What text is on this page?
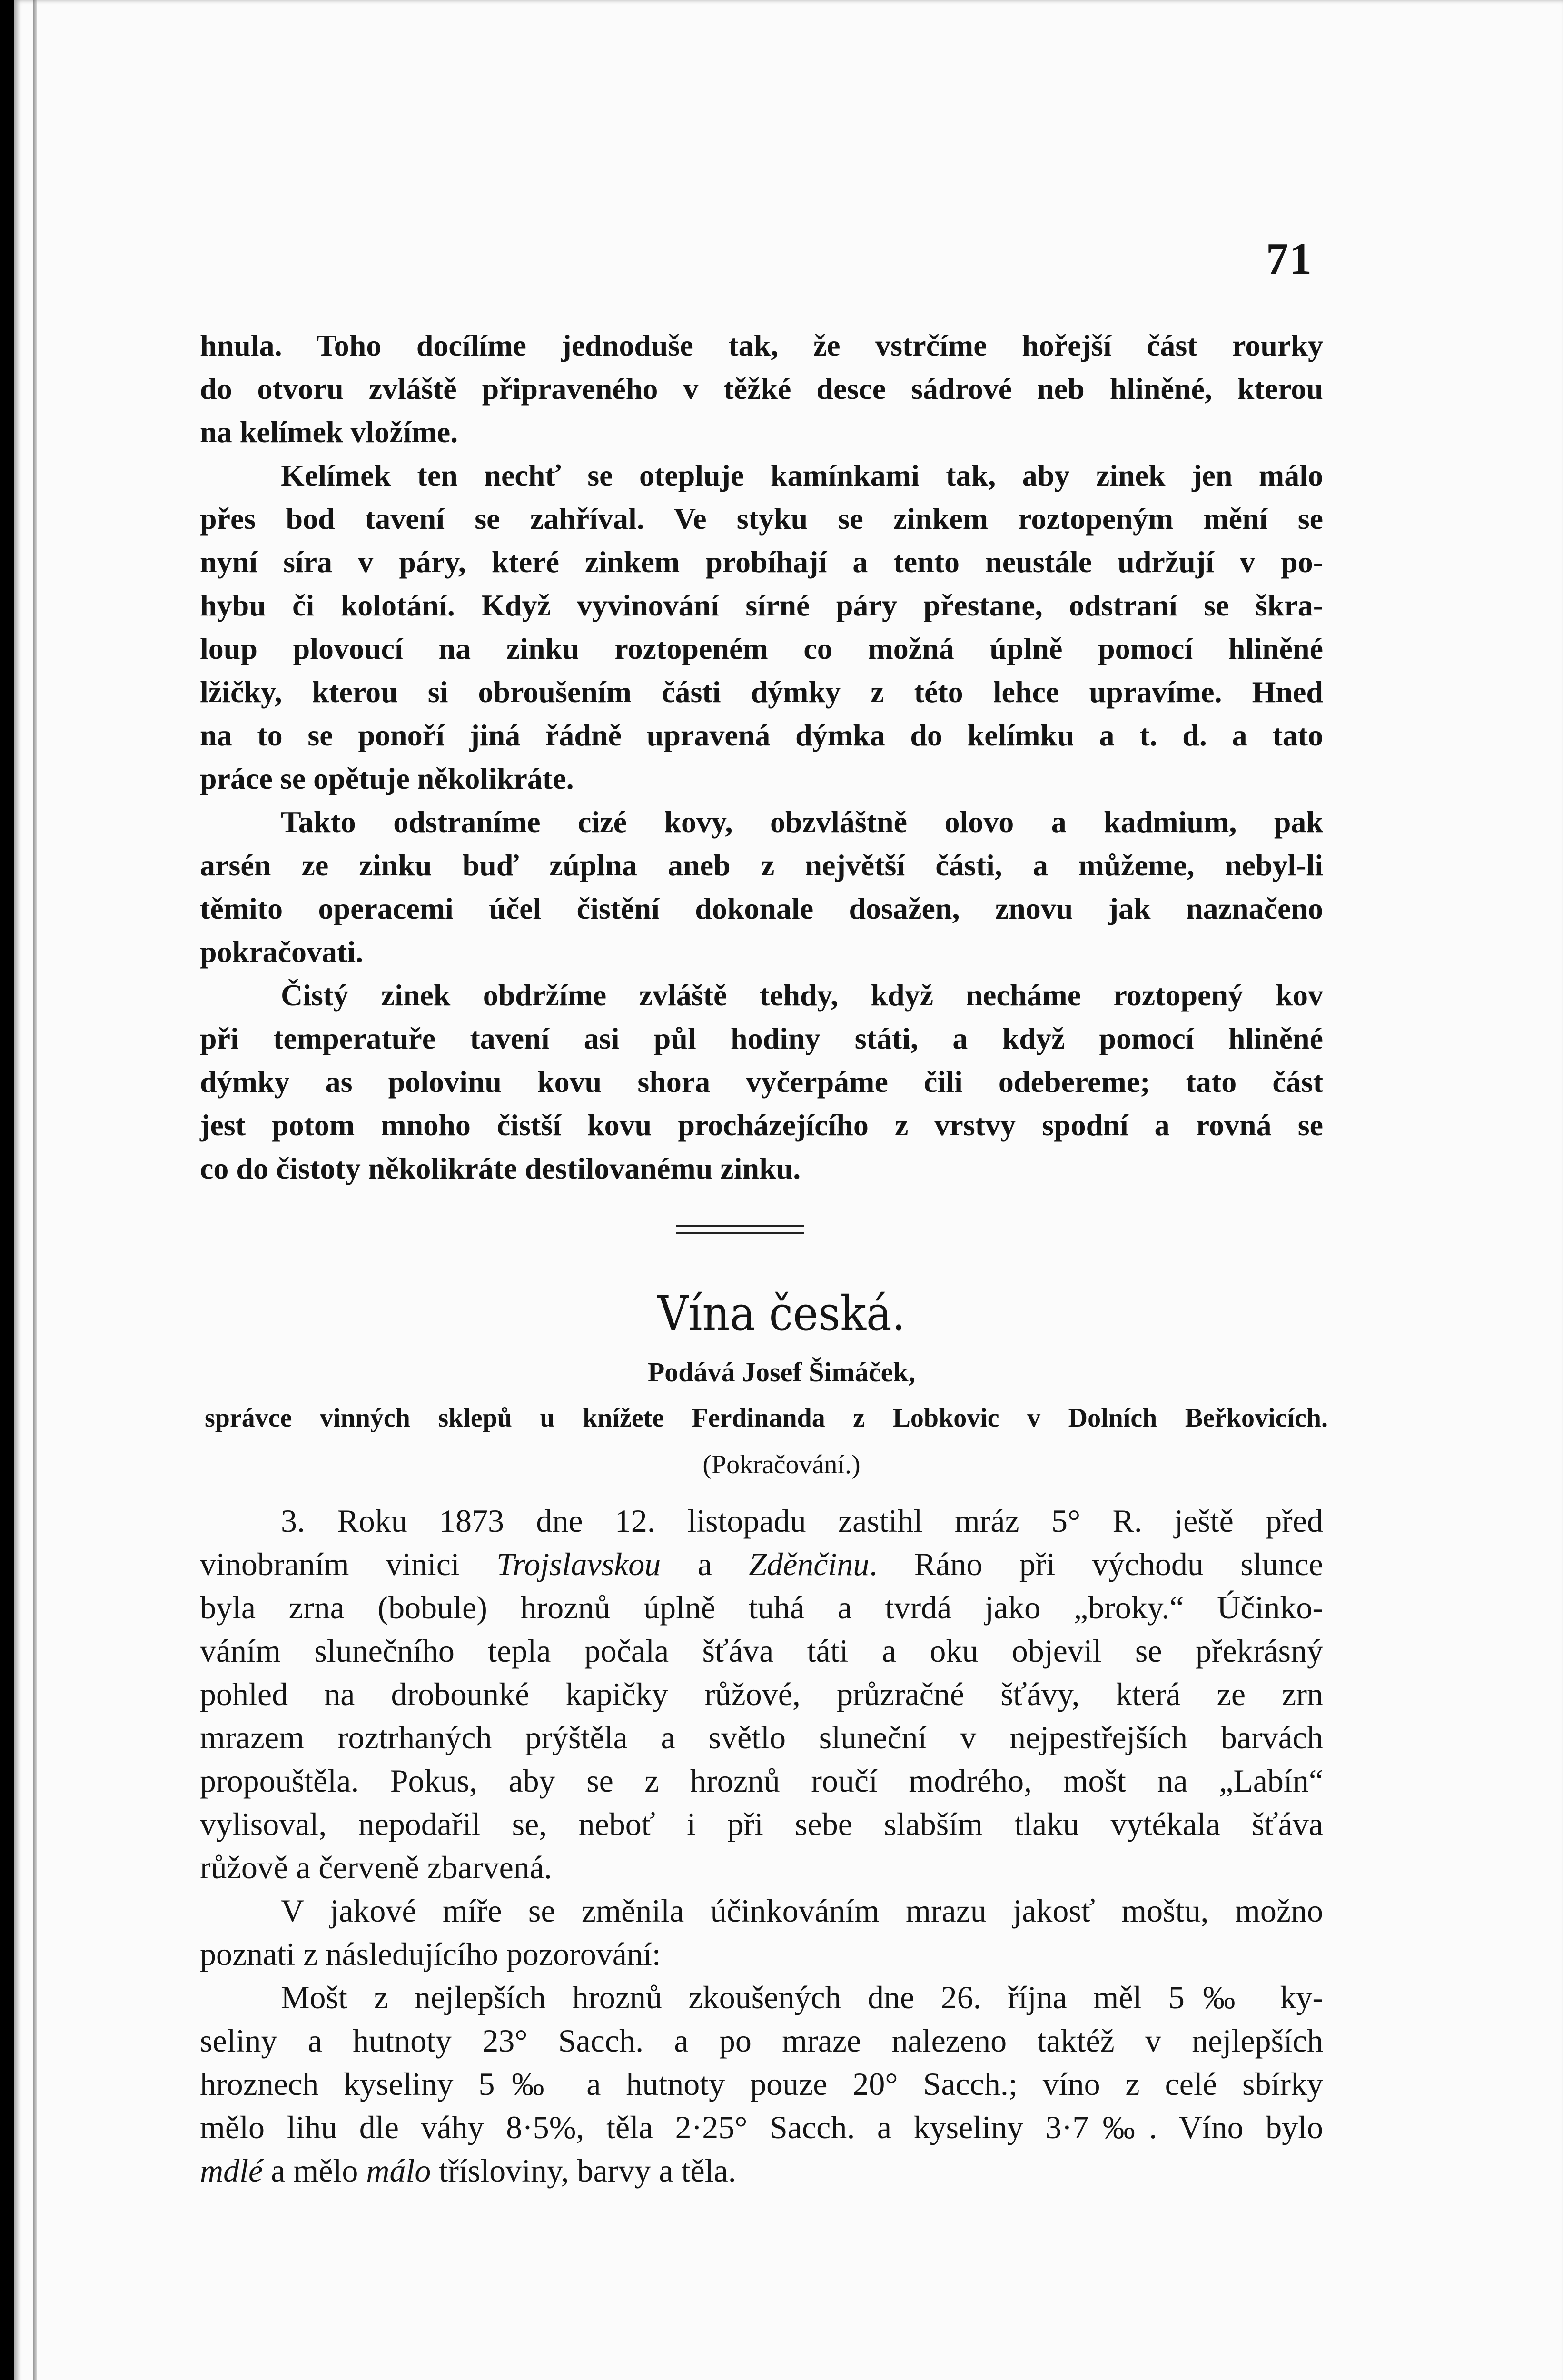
71
hnula. Toho docílíme jednoduše tak, že vstrčíme hořejší část rourky
do otvoru zvláště připraveného v těžké desce sádrové neb hliněné, kterou
na kelímek vložíme.
Kelímek ten nechť se otepluje kamínkami tak, aby zinek jen málo
přes bod tavení se zahříval. Ve styku se zinkem roztopeným mění se
nyní síra v páry, které zinkem probíhají a tento neustále udržují v po-
hybu či kolotání. Když vyvinování sírné páry přestane, odstraní se škra-
loup plovoucí na zinku roztopeném co možná úplně pomocí hliněné
lžičky, kterou si obroušením části dýmky z této lehce upravíme. Hned
na to se ponoří jiná řádně upravená dýmka do kelímku a t. d. a tato
práce se opětuje několikráte.
Takto odstraníme cizé kovy, obzvláštně olovo a kadmium, pak
arsén ze zinku buď zúplna aneb z největší části, a můžeme, nebyl-li
těmito operacemi účel čistění dokonale dosažen, znovu jak naznačeno
pokračovati.
Čistý zinek obdržíme zvláště tehdy, když necháme roztopený kov
při temperatuře tavení asi půl hodiny státi, a když pomocí hliněné
dýmky as polovinu kovu shora vyčerpáme čili odebereme; tato část
jest potom mnoho čistší kovu procházejícího z vrstvy spodní a rovná se
co do čistoty několikráte destilovanému zinku.
Vína česká.
Podává Josef Šimáček,
správce vinných sklepů u knížete Ferdinanda z Lobkovic v Dolních Beřkovicích.
(Pokračování.)
3. Roku 1873 dne 12. listopadu zastihl mráz 5° R. ještě před
vinobraním vinici Trojslavskou a Zděnčinu. Ráno při východu slunce
byla zrna (bobule) hroznů úplně tuhá a tvrdá jako „broky.“ Účinko-
váním slunečního tepla počala šťáva táti a oku objevil se překrásný
pohled na drobounké kapičky růžové, průzračné šťávy, která ze zrn
mrazem roztrhaných prýštěla a světlo sluneční v nejpestřejších barvách
propouštěla. Pokus, aby se z hroznů roučí modrého, mošt na „Labín“
vylisoval, nepodařil se, neboť i při sebe slabším tlaku vytékala šťáva
růžově a červeně zbarvená.
V jakové míře se změnila účinkováním mrazu jakosť moštu, možno
poznati z následujícího pozorování:
Mošt z nejlepších hroznů zkoušených dne 26. října měl 5‰ ky-
seliny a hutnoty 23° Sacch. a po mraze nalezeno taktéž v nejlepších
hroznech kyseliny 5‰ a hutnoty pouze 20° Sacch.; víno z celé sbírky
mělo lihu dle váhy 8·5%, těla 2·25° Sacch. a kyseliny 3·7‰. Víno bylo
mdlé a mělo málo třísloviny, barvy a těla.
